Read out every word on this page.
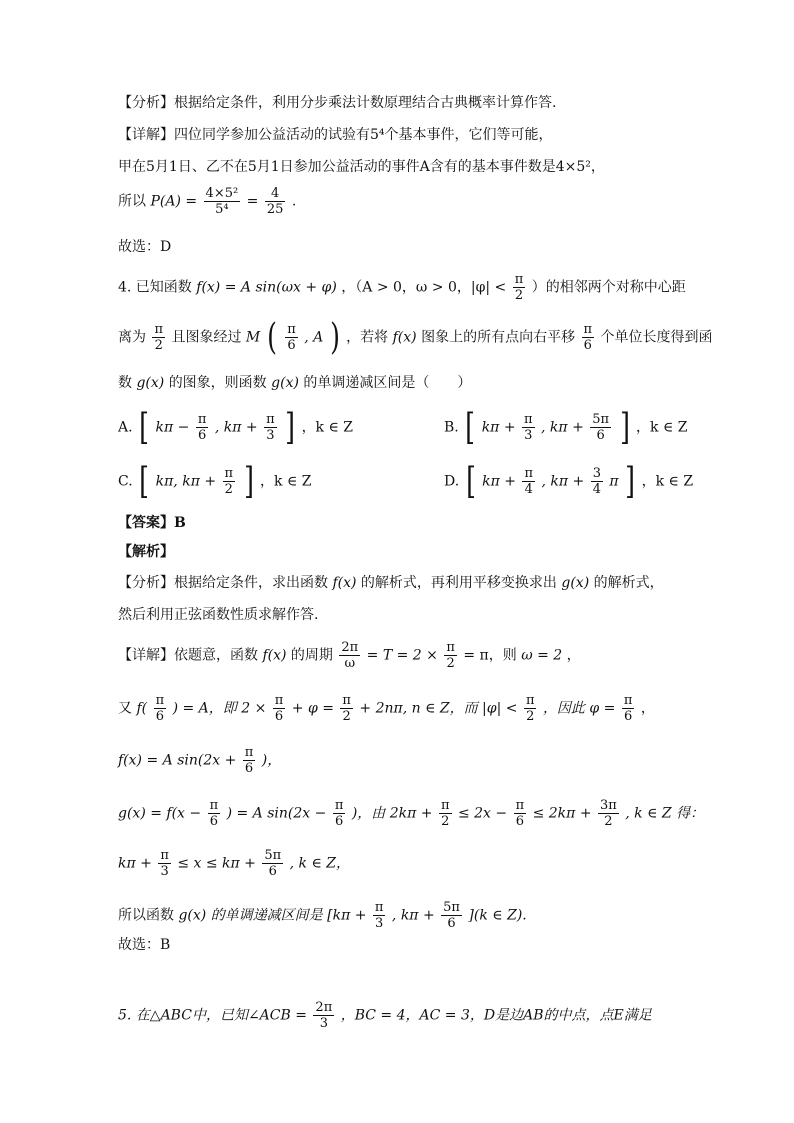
【分析】根据给定条件，利用分步乘法计数原理结合古典概率计算作答.
【详解】四位同学参加公益活动的试验有5⁴个基本事件，它们等可能，
甲在5月1日、乙不在5月1日参加公益活动的事件A含有的基本事件数是4×5²，
所以 $P(A) = \frac{\text{4×5²}}{\text{5⁴}} = \frac{4}{25}$ .
故选：D
4. 已知函数 f(x) = A sin(ωx + φ) ，（A > 0，ω > 0，$|\varphi| < \frac{\pi}{2}$ ）的相邻两个对称中心距
离为 $\frac{\pi}{2}$ 且图象经过 M ( $\frac{\pi}{6}$ , A ) ，若将 f(x) 图象上的所有点向右平移 $\frac{\pi}{6}$ 个单位长度得到函
数 g(x) 的图象，则函数 g(x) 的单调递减区间是（　　）
A. [ $k\pi - \frac{\pi}{6}$ , $k\pi + \frac{\pi}{3}$ ] ，k ∈ Z	B. [ $k\pi + \frac{\pi}{3}$ , $k\pi + \frac{5\pi}{6}$ ] ，k ∈ Z
C. [ kπ, $k\pi + \frac{\pi}{2}$ ] ，k ∈ Z	D. [ $k\pi + \frac{\pi}{4}$ , $k\pi + \frac{3}{4}$ π ] ，k ∈ Z
【答案】B
【解析】
【分析】根据给定条件，求出函数 f(x) 的解析式，再利用平移变换求出 g(x) 的解析式，
然后利用正弦函数性质求解作答.
【详解】依题意，函数 f(x) 的周期 $\frac{2\pi}{\omega} = T = 2 \times \frac{\pi}{2} = \pi$，则 ω = 2 ，
又 $f( \frac{\pi}{6}$ ) = A，即 $2 \times \frac{\pi}{6} + \varphi = \frac{\pi}{2} + 2n\pi$, n ∈ Z，而 $|\varphi| < \frac{\pi}{2}$ ，因此 $\varphi = \frac{\pi}{6}$ ，
f(x) = A $\sin(2x + \frac{\pi}{6}$ )，
$g(x) = f(x - \frac{\pi}{6}$ ) = A $\sin(2x - \frac{\pi}{6}$ )，由 $2k\pi + \frac{\pi}{2} \le 2x - \frac{\pi}{6} \le 2k\pi + \frac{3\pi}{2}$ , k ∈ Z 得：
$k\pi + \frac{\pi}{3} \le x \le k\pi + \frac{5\pi}{6}$ , k ∈ Z，
所以函数 g(x) 的单调递减区间是 [$k\pi + \frac{\pi}{3}$ , $k\pi + \frac{5\pi}{6} ](k$ ∈ Z).
故选：B
5. 在△ABC中，已知∠ACB = $\frac{2\pi}{3}$ ，BC = 4，AC = 3，D是边AB的中点，点E满足
